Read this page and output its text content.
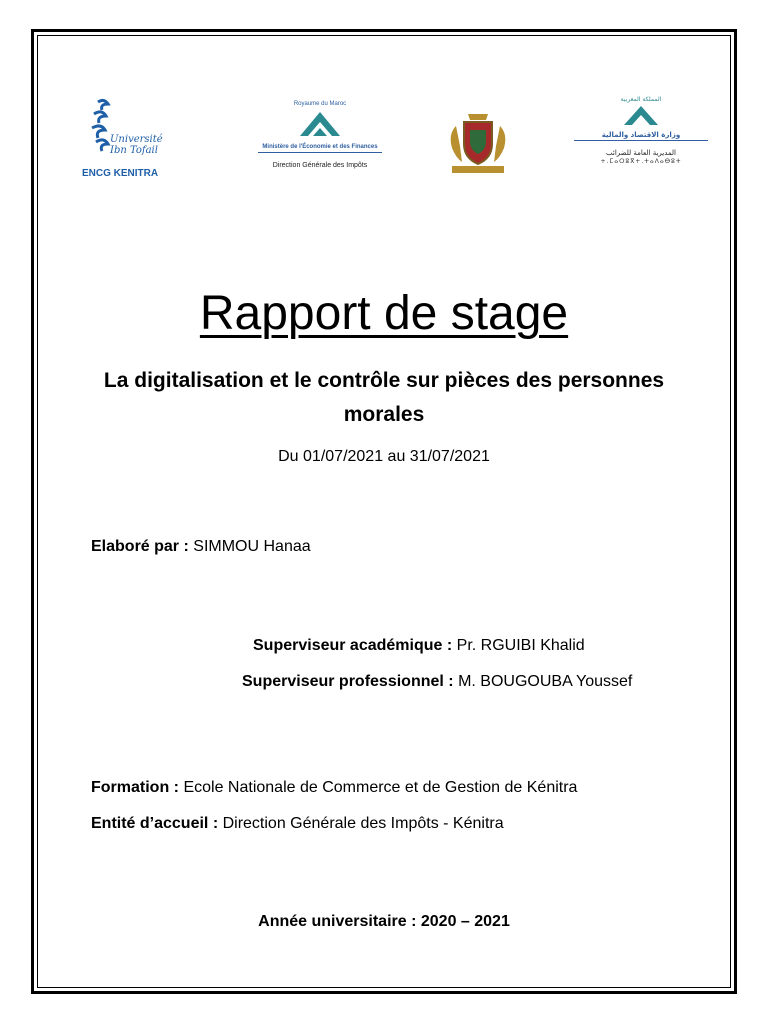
Université Ibn Tofail
ENCG KENITRA
Royaume du Maroc
Ministère de l'Économie et des Finances
Direction Générale des Impôts
المملكة المغربية
وزارة الاقتصاد والمالية
المديرية العامة للضرائب
+.ⵎⴰⵔⵓⴳ+.ⵜⴰⴷⴰⴱⵓⵜ
Rapport de stage
La digitalisation et le contrôle sur pièces des personnes morales
Du 01/07/2021 au 31/07/2021
Elaboré par : SIMMOU Hanaa
Superviseur académique : Pr. RGUIBI Khalid
Superviseur professionnel : M. BOUGOUBA Youssef
Formation : Ecole Nationale de Commerce et de Gestion de Kénitra
Entité d’accueil : Direction Générale des Impôts - Kénitra
Année universitaire : 2020 – 2021
